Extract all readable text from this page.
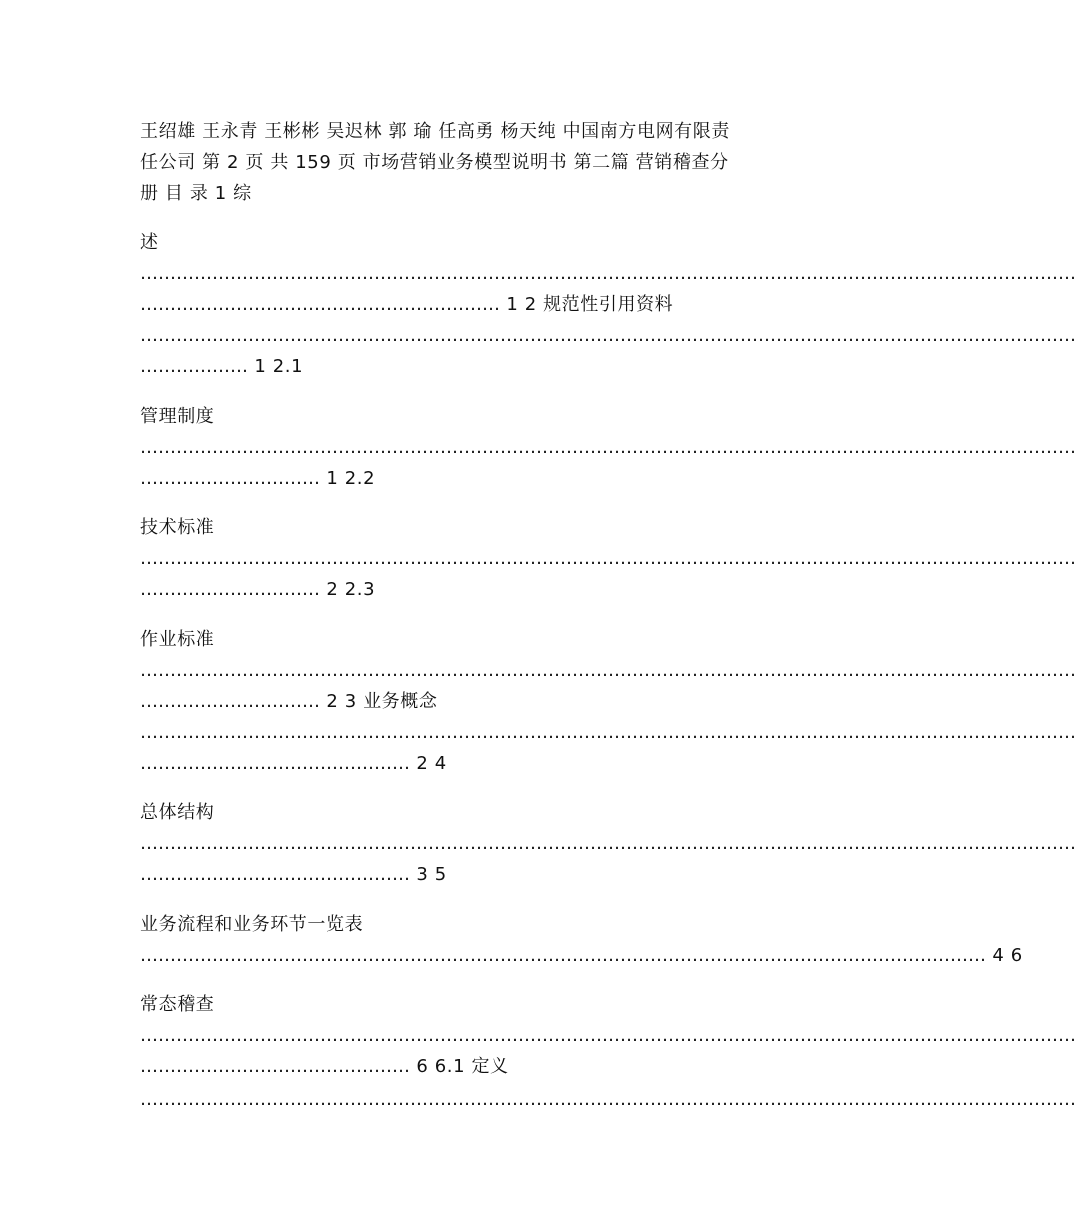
王绍雄 王永青 王彬彬 吴迟林 郭 瑜 任高勇 杨天纯 中国南方电网有限责
任公司 第 2 页 共 159 页 市场营销业务模型说明书 第二篇 营销稽查分
册 目 录 1 综
述
…………………………………………………………………………………………………………………………………………
…………………………………………………… 1 2 规范性引用资料
…………………………………………………………………………………………………………………………………………
……………… 1 2.1
管理制度
…………………………………………………………………………………………………………………………………………
………………………… 1 2.2
技术标准
…………………………………………………………………………………………………………………………………………
………………………… 2 2.3
作业标准
…………………………………………………………………………………………………………………………………………
………………………… 2 3 业务概念
…………………………………………………………………………………………………………………………………………
……………………………………… 2 4
总体结构
…………………………………………………………………………………………………………………………………………
……………………………………… 3 5
业务流程和业务环节一览表
…………………………………………………………………………………………………………………………… 4 6
常态稽查
…………………………………………………………………………………………………………………………………………
……………………………………… 6 6.1 定义
…………………………………………………………………………………………………………………………………………
